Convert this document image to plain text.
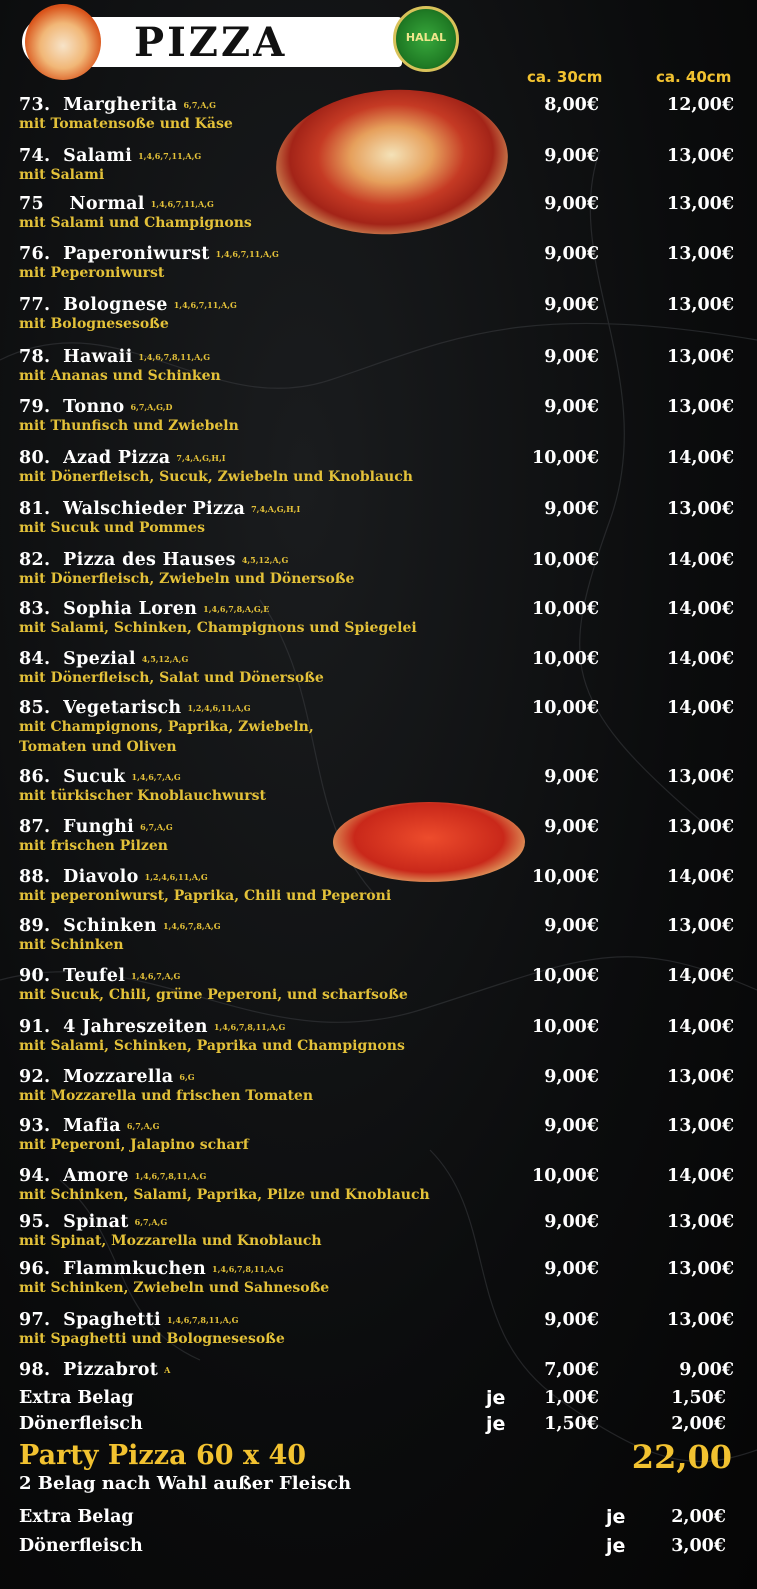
PIZZA	HALAL
ca. 30cm	ca. 40cm
73. Margherita 6,7,A,G
mit Tomatensoße und Käse
8,00€	12,00€
74. Salami 1,4,6,7,11,A,G
mit Salami
9,00€	13,00€
75 Normal 1,4,6,7,11,A,G
mit Salami und Champignons
9,00€	13,00€
76. Paperoniwurst 1,4,6,7,11,A,G
mit Peperoniwurst
9,00€	13,00€
77. Bolognese 1,4,6,7,11,A,G
mit Bolognesesoße
9,00€	13,00€
78. Hawaii 1,4,6,7,8,11,A,G
mit Ananas und Schinken
9,00€	13,00€
79. Tonno 6,7,A,G,D
mit Thunfisch und Zwiebeln
9,00€	13,00€
80. Azad Pizza 7,4,A,G,H,I
mit Dönerfleisch, Sucuk, Zwiebeln und Knoblauch
10,00€	14,00€
81. Walschieder Pizza 7,4,A,G,H,I
mit Sucuk und Pommes
9,00€	13,00€
82. Pizza des Hauses 4,5,12,A,G
mit Dönerfleisch, Zwiebeln und Dönersoße
10,00€	14,00€
83. Sophia Loren 1,4,6,7,8,A,G,E
mit Salami, Schinken, Champignons und Spiegelei
10,00€	14,00€
84. Spezial 4,5,12,A,G
mit Dönerfleisch, Salat und Dönersoße
10,00€	14,00€
85. Vegetarisch 1,2,4,6,11,A,G
mit Champignons, Paprika, Zwiebeln,
Tomaten und Oliven
10,00€	14,00€
86. Sucuk 1,4,6,7,A,G
mit türkischer Knoblauchwurst
9,00€	13,00€
87. Funghi 6,7,A,G
mit frischen Pilzen
9,00€	13,00€
88. Diavolo 1,2,4,6,11,A,G
mit peperoniwurst, Paprika, Chili und Peperoni
10,00€	14,00€
89. Schinken 1,4,6,7,8,A,G
mit Schinken
9,00€	13,00€
90. Teufel 1,4,6,7,A,G
mit Sucuk, Chili, grüne Peperoni, und scharfsoße
10,00€	14,00€
91. 4 Jahreszeiten 1,4,6,7,8,11,A,G
mit Salami, Schinken, Paprika und Champignons
10,00€	14,00€
92. Mozzarella 6,G
mit Mozzarella und frischen Tomaten
9,00€	13,00€
93. Mafia 6,7,A,G
mit Peperoni, Jalapino scharf
9,00€	13,00€
94. Amore 1,4,6,7,8,11,A,G
mit Schinken, Salami, Paprika, Pilze und Knoblauch
10,00€	14,00€
95. Spinat 6,7,A,G
mit Spinat, Mozzarella und Knoblauch
9,00€	13,00€
96. Flammkuchen 1,4,6,7,8,11,A,G
mit Schinken, Zwiebeln und Sahnesoße
9,00€	13,00€
97. Spaghetti 1,4,6,7,8,11,A,G
mit Spaghetti und Bolognesesoße
9,00€	13,00€
98. Pizzabrot A	7,00€	9,00€
Extra Belag	je	1,00€	1,50€
Dönerfleisch	je	1,50€	2,00€
Party Pizza 60 x 40	22,00
2 Belag nach Wahl außer Fleisch
Extra Belag	je	2,00€
Dönerfleisch	je	3,00€
